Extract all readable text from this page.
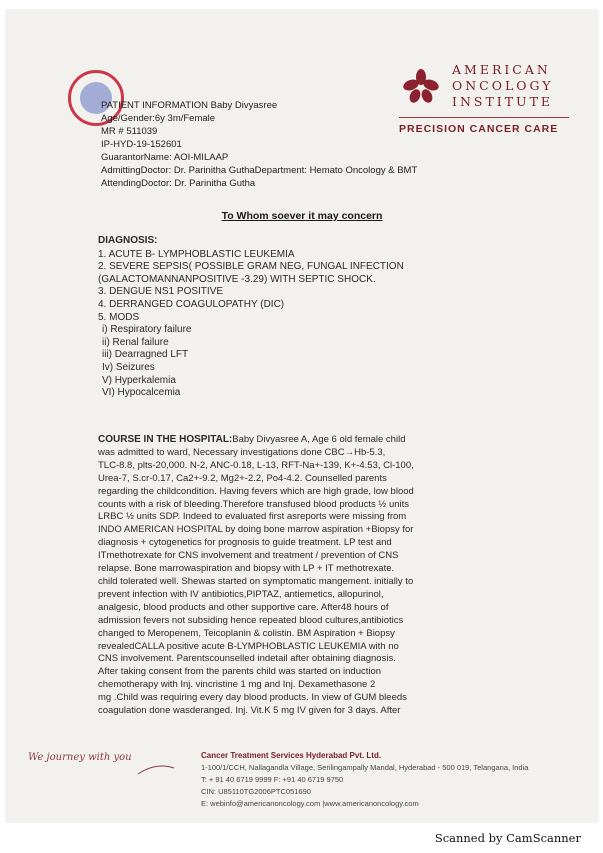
AMERICAN
ONCOLOGY
INSTITUTE
PRECISION CANCER CARE
PATIENT INFORMATION Baby Divyasree
Age/Gender:6y 3m/Female
MR # 511039
IP-HYD-19-152601
GuarantorName: AOI-MILAAP
AdmittingDoctor: Dr. Parinitha GuthaDepartment: Hemato Oncology & BMT
AttendingDoctor: Dr. Parinitha Gutha
To Whom soever it may concern
DIAGNOSIS:
1. ACUTE B- LYMPHOBLASTIC LEUKEMIA
2. SEVERE SEPSIS( POSSIBLE GRAM NEG, FUNGAL INFECTION
(GALACTOMANNANPOSITIVE -3.29) WITH SEPTIC SHOCK.
3. DENGUE NS1 POSITIVE
4. DERRANGED COAGULOPATHY (DIC)
5. MODS
i) Respiratory failure
ii) Renal failure
iii) Dearragned LFT
Iv) Seizures
V) Hyperkalemia
VI) Hypocalcemia
COURSE IN THE HOSPITAL:Baby Divyasree A, Age 6 old female child
was admitted to ward, Necessary investigations done CBC→Hb-5.3,
TLC-8.8, plts-20,000. N-2, ANC-0.18, L-13, RFT-Na+-139, K+-4.53, Cl-100,
Urea-7, S.cr-0.17, Ca2+-9.2, Mg2+-2.2, Po4-4.2. Counselled parents
regarding the childcondition. Having fevers which are high grade, low blood
counts with a risk of bleeding.Therefore transfused blood products ½ units
LRBC ½ units SDP. Indeed to evaluated first asreports were missing from
INDO AMERICAN HOSPITAL by doing bone marrow aspiration +Biopsy for
diagnosis + cytogenetics for prognosis to guide treatment. LP test and
ITmethotrexate for CNS involvement and treatment / prevention of CNS
relapse. Bone marrowaspiration and biopsy with LP + IT methotrexate.
child tolerated well. Shewas started on symptomatic mangement. initially to
prevent infection with IV antibiotics,PIPTAZ, antiemetics, allopurinol,
analgesic, blood products and other supportive care. After48 hours of
admission fevers not subsiding hence repeated blood cultures,antibiotics
changed to Meropenem, Teicoplanin & colistin. BM Aspiration + Biopsy
revealedCALLA positive acute B-LYMPHOBLASTIC LEUKEMIA with no
CNS involvement. Parentscounselled indetail after obtaining diagnosis.
After taking consent from the parents child was started on induction
chemotherapy with Inj. vincristine 1 mg and Inj. Dexamethasone 2
mg .Child was requiring every day blood products. In view of GUM bleeds
coagulation done wasderanged. Inj. Vit.K 5 mg IV given for 3 days. After
We journey with you	Cancer Treatment Services Hyderabad Pvt. Ltd.
1-100/1/CCH, Nallagandla Village, Serilingampally Mandal, Hyderabad - 500 019, Telangana, India
T: + 91 40 6719 9999 F: +91 40 6719 9750
CIN: U85110TG2006PTC051690
E: webinfo@americanoncology.com |www.americanoncology.com
Scanned by CamScanner
